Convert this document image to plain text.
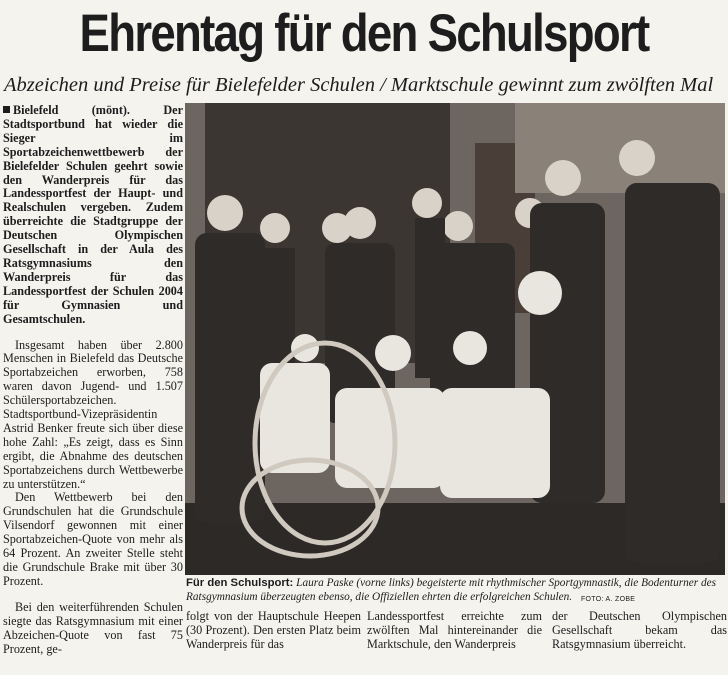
Ehrentag für den Schulsport
Abzeichen und Preise für Bielefelder Schulen / Marktschule gewinnt zum zwölften Mal

Bielefeld (mönt). Der Stadtsportbund hat wieder die Sieger im Sportabzeichenwettbewerb der Bielefelder Schulen geehrt sowie den Wanderpreis für das Landessportfest der Haupt- und Realschulen vergeben. Zudem überreichte die Stadtgruppe der Deutschen Olympischen Gesellschaft in der Aula des Ratsgymnasiums den Wanderpreis für das Landessportfest der Schulen 2004 für Gymnasien und Gesamtschulen.

Insgesamt haben über 2.800 Menschen in Bielefeld das Deutsche Sportabzeichen erworben, 758 waren davon Jugend- und 1.507 Schülersportabzeichen. Stadtsportbund-Vizepräsidentin Astrid Benker freute sich über diese hohe Zahl: „Es zeigt, dass es Sinn ergibt, die Abnahme des deutschen Sportabzeichens durch Wettbewerbe zu unterstützen.“

Den Wettbewerb bei den Grundschulen hat die Grundschule Vilsendorf gewonnen mit einer Sportabzeichen-Quote von mehr als 64 Prozent. An zweiter Stelle steht die Grundschule Brake mit über 30 Prozent.

Bei den weiterführenden Schulen siegte das Ratsgymnasium mit einer Abzeichen-Quote von fast 75 Prozent, ge-

Für den Schulsport: Laura Paske (vorne links) begeisterte mit rhythmischer Sportgymnastik, die Bodenturner des Ratsgymnasium überzeugten ebenso, die Offiziellen ehrten die erfolgreichen Schulen. FOTO: A. ZOBE

folgt von der Hauptschule Heepen (30 Prozent). Den ersten Platz beim Wanderpreis für das

Landessportfest erreichte zum zwölften Mal hintereinander die Marktschule, den Wanderpreis

der Deutschen Olympischen Gesellschaft bekam das Ratsgymnasium überreicht.
